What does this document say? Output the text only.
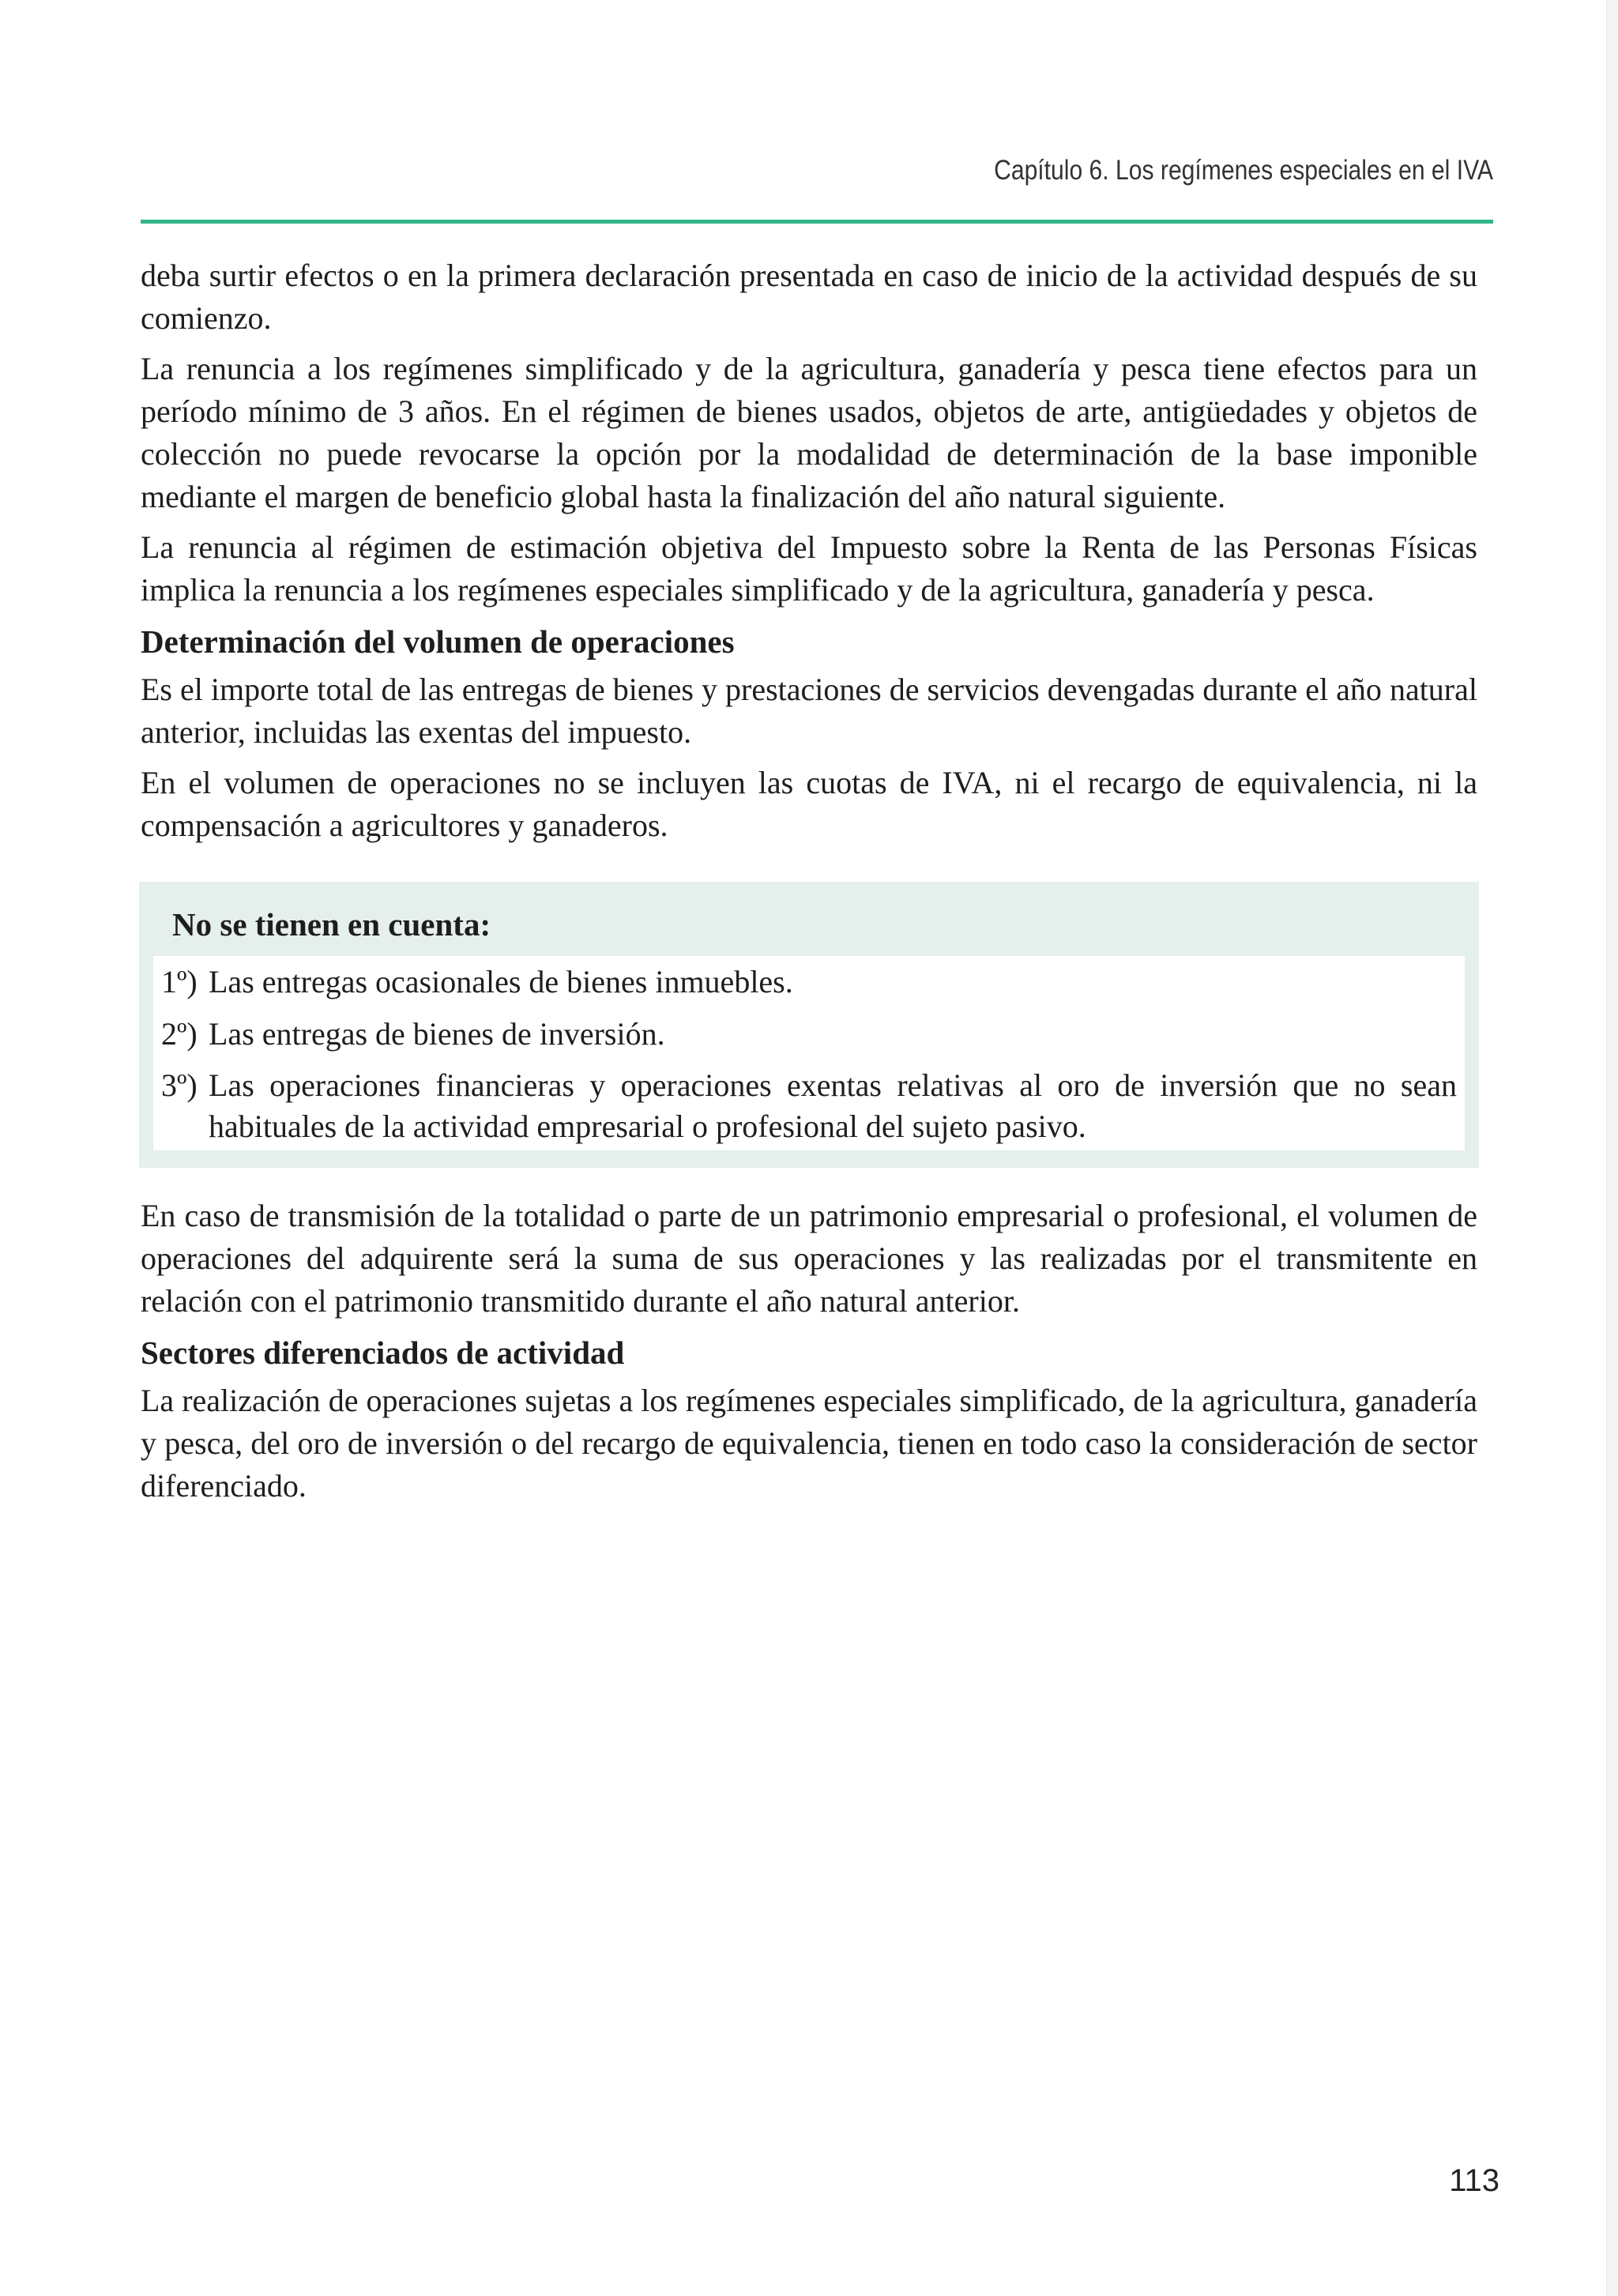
Capítulo 6. Los regímenes especiales en el IVA

deba surtir efectos o en la primera declaración presentada en caso de inicio de la actividad después de su comienzo.

La renuncia a los regímenes simplificado y de la agricultura, ganadería y pesca tiene efectos para un período mínimo de 3 años. En el régimen de bienes usados, objetos de arte, antigüedades y objetos de colección no puede revocarse la opción por la modalidad de determinación de la base imponible mediante el margen de beneficio global hasta la finalización del año natural siguiente.

La renuncia al régimen de estimación objetiva del Impuesto sobre la Renta de las Personas Físicas implica la renuncia a los regímenes especiales simplificado y de la agricultura, ganadería y pesca.

Determinación del volumen de operaciones

Es el importe total de las entregas de bienes y prestaciones de servicios devengadas durante el año natural anterior, incluidas las exentas del impuesto.

En el volumen de operaciones no se incluyen las cuotas de IVA, ni el recargo de equivalencia, ni la compensación a agricultores y ganaderos.

No se tienen en cuenta:
1º) Las entregas ocasionales de bienes inmuebles.
2º) Las entregas de bienes de inversión.
3º) Las operaciones financieras y operaciones exentas relativas al oro de inversión que no sean habituales de la actividad empresarial o profesional del sujeto pasivo.

En caso de transmisión de la totalidad o parte de un patrimonio empresarial o profesional, el volumen de operaciones del adquirente será la suma de sus operaciones y las realizadas por el transmitente en relación con el patrimonio transmitido durante el año natural anterior.

Sectores diferenciados de actividad

La realización de operaciones sujetas a los regímenes especiales simplificado, de la agricultura, ganadería y pesca, del oro de inversión o del recargo de equivalencia, tienen en todo caso la consideración de sector diferenciado.

113
